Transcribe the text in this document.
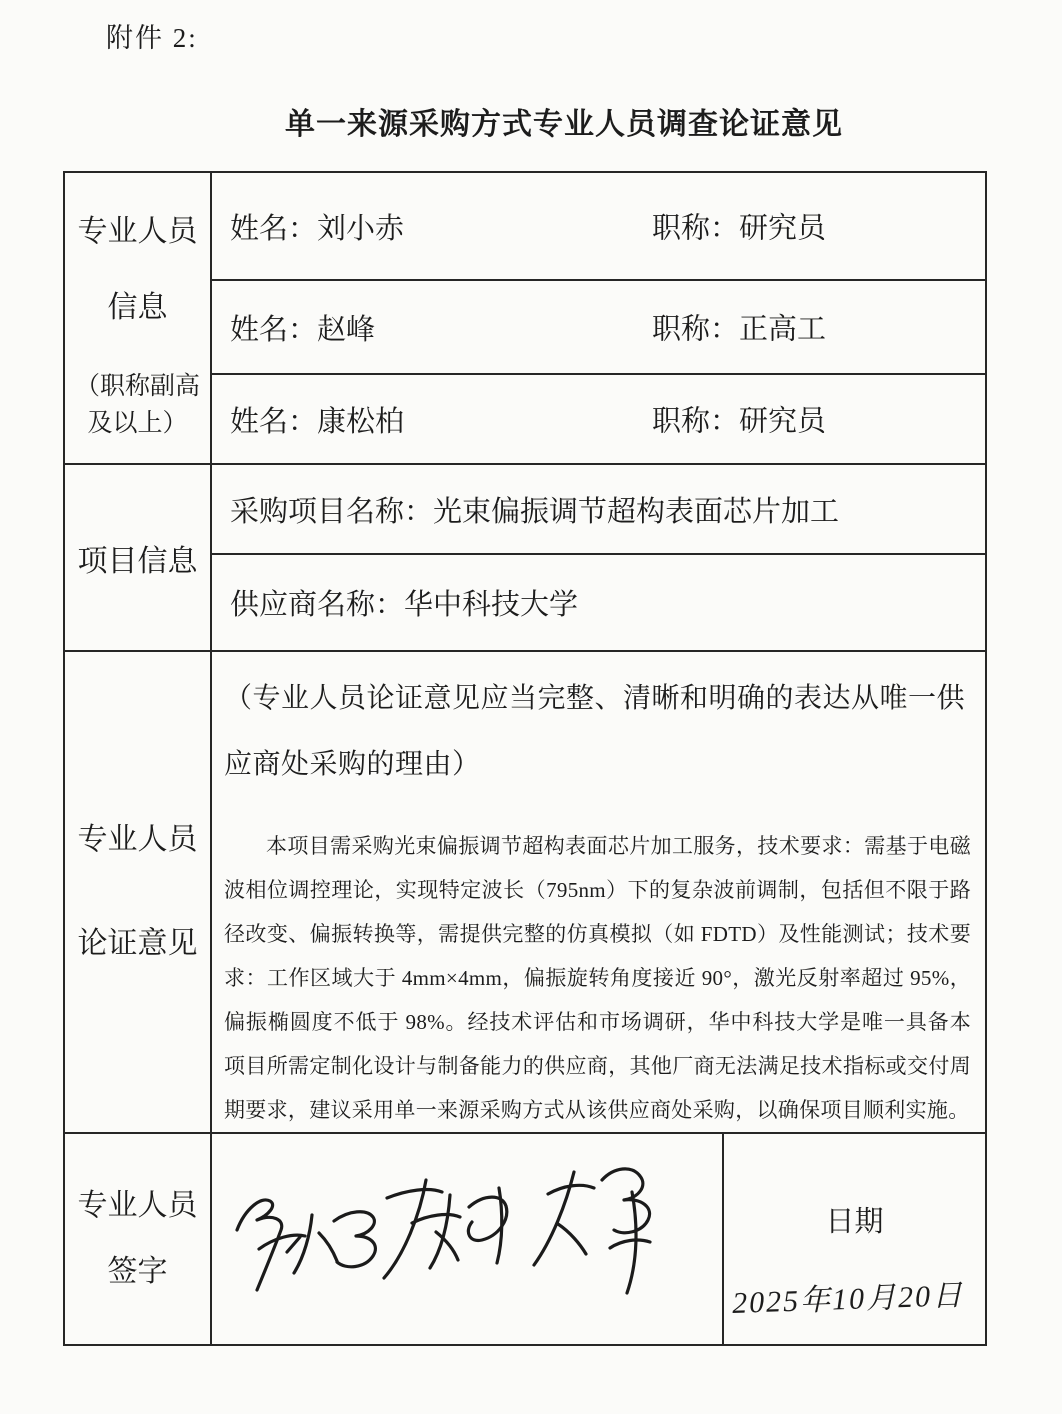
附件 2:
单一来源采购方式专业人员调查论证意见
专业人员
信息
（职称副高
及以上）
	姓名：刘小赤	职称：研究员

	姓名：赵峰 职称：正高工	

	姓名：康松柏 职称：研究员	

项目信息	采购项目名称：光束偏振调节超构表面芯片加工	
	供应商名称：华中科技大学	

专业人员
论证意见

（专业人员论证意见应当完整、清晰和明确的表达从唯一供应商处采购的理由）
本项目需采购光束偏振调节超构表面芯片加工服务，技术要求：需基于电磁波相位调控理论，实现特定波长（795nm）下的复杂波前调制，包括但不限于路径改变、偏振转换等，需提供完整的仿真模拟（如 FDTD）及性能测试；技术要求：工作区域大于 4mm×4mm，偏振旋转角度接近 90°，激光反射率超过 95%，偏振椭圆度不低于 98%。经技术评估和市场调研，华中科技大学是唯一具备本项目所需定制化设计与制备能力的供应商，其他厂商无法满足技术指标或交付周期要求，建议采用单一来源采购方式从该供应商处采购，以确保项目顺利实施。

专业人员
签字

日期
2025年10月20日
